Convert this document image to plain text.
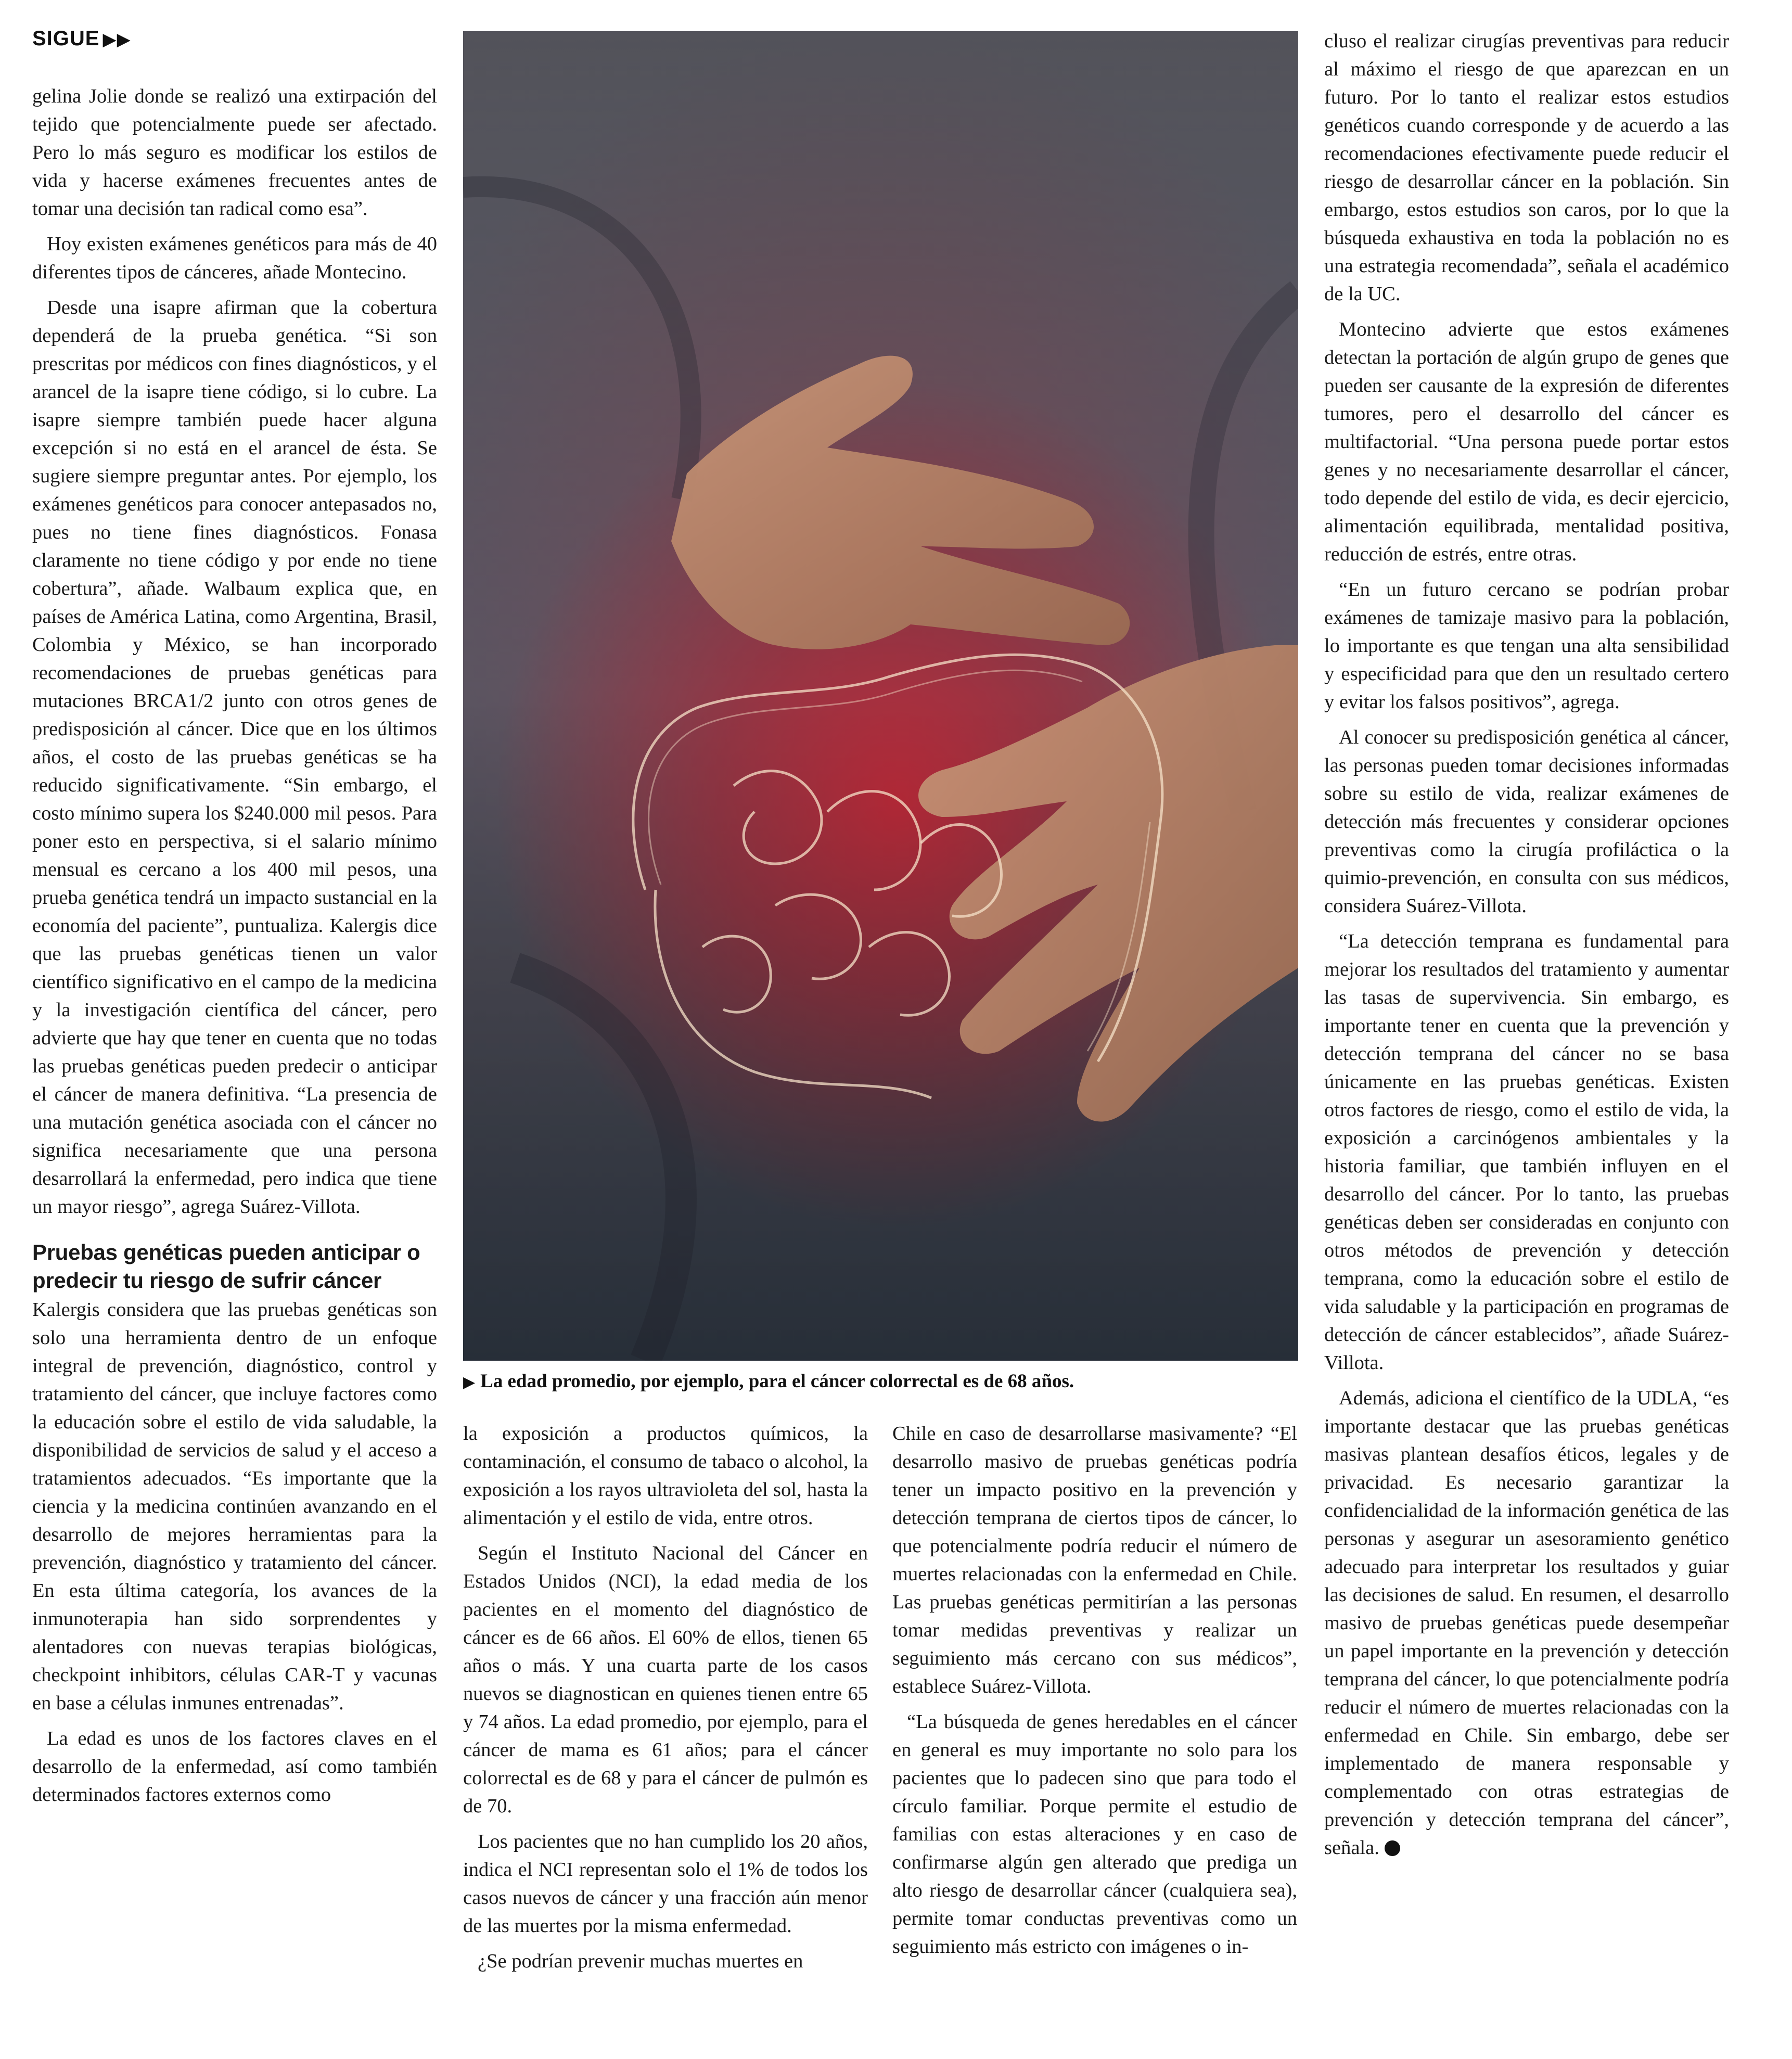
SIGUE ▶▶

gelina Jolie donde se realizó una extirpación del tejido que potencialmente puede ser afectado. Pero lo más seguro es modificar los estilos de vida y hacerse exámenes frecuentes antes de tomar una decisión tan radical como esa”.

Hoy existen exámenes genéticos para más de 40 diferentes tipos de cánceres, añade Montecino.

Desde una isapre afirman que la cobertura dependerá de la prueba genética. “Si son prescritas por médicos con fines diagnósticos, y el arancel de la isapre tiene código, si lo cubre. La isapre siempre también puede hacer alguna excepción si no está en el arancel de ésta. Se sugiere siempre preguntar antes. Por ejemplo, los exámenes genéticos para conocer antepasados no, pues no tiene fines diagnósticos. Fonasa claramente no tiene código y por ende no tiene cobertura”, añade. Walbaum explica que, en países de América Latina, como Argentina, Brasil, Colombia y México, se han incorporado recomendaciones de pruebas genéticas para mutaciones BRCA1/2 junto con otros genes de predisposición al cáncer. Dice que en los últimos años, el costo de las pruebas genéticas se ha reducido significativamente. “Sin embargo, el costo mínimo supera los $240.000 mil pesos. Para poner esto en perspectiva, si el salario mínimo mensual es cercano a los 400 mil pesos, una prueba genética tendrá un impacto sustancial en la economía del paciente”, puntualiza. Kalergis dice que las pruebas genéticas tienen un valor científico significativo en el campo de la medicina y la investigación científica del cáncer, pero advierte que hay que tener en cuenta que no todas las pruebas genéticas pueden predecir o anticipar el cáncer de manera definitiva. “La presencia de una mutación genética asociada con el cáncer no significa necesariamente que una persona desarrollará la enfermedad, pero indica que tiene un mayor riesgo”, agrega Suárez-Villota.

Pruebas genéticas pueden anticipar o predecir tu riesgo de sufrir cáncer

Kalergis considera que las pruebas genéticas son solo una herramienta dentro de un enfoque integral de prevención, diagnóstico, control y tratamiento del cáncer, que incluye factores como la educación sobre el estilo de vida saludable, la disponibilidad de servicios de salud y el acceso a tratamientos adecuados. “Es importante que la ciencia y la medicina continúen avanzando en el desarrollo de mejores herramientas para la prevención, diagnóstico y tratamiento del cáncer. En esta última categoría, los avances de la inmunoterapia han sido sorprendentes y alentadores con nuevas terapias biológicas, checkpoint inhibitors, células CAR-T y vacunas en base a células inmunes entrenadas”.

La edad es unos de los factores claves en el desarrollo de la enfermedad, así como también determinados factores externos como

▶ La edad promedio, por ejemplo, para el cáncer colorrectal es de 68 años.

la exposición a productos químicos, la contaminación, el consumo de tabaco o alcohol, la exposición a los rayos ultravioleta del sol, hasta la alimentación y el estilo de vida, entre otros.

Según el Instituto Nacional del Cáncer en Estados Unidos (NCI), la edad media de los pacientes en el momento del diagnóstico de cáncer es de 66 años. El 60% de ellos, tienen 65 años o más. Y una cuarta parte de los casos nuevos se diagnostican en quienes tienen entre 65 y 74 años. La edad promedio, por ejemplo, para el cáncer de mama es 61 años; para el cáncer colorrectal es de 68 y para el cáncer de pulmón es de 70.

Los pacientes que no han cumplido los 20 años, indica el NCI representan solo el 1% de todos los casos nuevos de cáncer y una fracción aún menor de las muertes por la misma enfermedad.

¿Se podrían prevenir muchas muertes en

Chile en caso de desarrollarse masivamente? “El desarrollo masivo de pruebas genéticas podría tener un impacto positivo en la prevención y detección temprana de ciertos tipos de cáncer, lo que potencialmente podría reducir el número de muertes relacionadas con la enfermedad en Chile. Las pruebas genéticas permitirían a las personas tomar medidas preventivas y realizar un seguimiento más cercano con sus médicos”, establece Suárez-Villota.

“La búsqueda de genes heredables en el cáncer en general es muy importante no solo para los pacientes que lo padecen sino que para todo el círculo familiar. Porque permite el estudio de familias con estas alteraciones y en caso de confirmarse algún gen alterado que prediga un alto riesgo de desarrollar cáncer (cualquiera sea), permite tomar conductas preventivas como un seguimiento más estricto con imágenes o in-

cluso el realizar cirugías preventivas para reducir al máximo el riesgo de que aparezcan en un futuro. Por lo tanto el realizar estos estudios genéticos cuando corresponde y de acuerdo a las recomendaciones efectivamente puede reducir el riesgo de desarrollar cáncer en la población. Sin embargo, estos estudios son caros, por lo que la búsqueda exhaustiva en toda la población no es una estrategia recomendada”, señala el académico de la UC.

Montecino advierte que estos exámenes detectan la portación de algún grupo de genes que pueden ser causante de la expresión de diferentes tumores, pero el desarrollo del cáncer es multifactorial. “Una persona puede portar estos genes y no necesariamente desarrollar el cáncer, todo depende del estilo de vida, es decir ejercicio, alimentación equilibrada, mentalidad positiva, reducción de estrés, entre otras.

“En un futuro cercano se podrían probar exámenes de tamizaje masivo para la población, lo importante es que tengan una alta sensibilidad y especificidad para que den un resultado certero y evitar los falsos positivos”, agrega.

Al conocer su predisposición genética al cáncer, las personas pueden tomar decisiones informadas sobre su estilo de vida, realizar exámenes de detección más frecuentes y considerar opciones preventivas como la cirugía profiláctica o la quimio-prevención, en consulta con sus médicos, considera Suárez-Villota.

“La detección temprana es fundamental para mejorar los resultados del tratamiento y aumentar las tasas de supervivencia. Sin embargo, es importante tener en cuenta que la prevención y detección temprana del cáncer no se basa únicamente en las pruebas genéticas. Existen otros factores de riesgo, como el estilo de vida, la exposición a carcinógenos ambientales y la historia familiar, que también influyen en el desarrollo del cáncer. Por lo tanto, las pruebas genéticas deben ser consideradas en conjunto con otros métodos de prevención y detección temprana, como la educación sobre el estilo de vida saludable y la participación en programas de detección de cáncer establecidos”, añade Suárez-Villota.

Además, adiciona el científico de la UDLA, “es importante destacar que las pruebas genéticas masivas plantean desafíos éticos, legales y de privacidad. Es necesario garantizar la confidencialidad de la información genética de las personas y asegurar un asesoramiento genético adecuado para interpretar los resultados y guiar las decisiones de salud. En resumen, el desarrollo masivo de pruebas genéticas puede desempeñar un papel importante en la prevención y detección temprana del cáncer, lo que potencialmente podría reducir el número de muertes relacionadas con la enfermedad en Chile. Sin embargo, debe ser implementado de manera responsable y complementado con otras estrategias de prevención y detección temprana del cáncer”, señala.
